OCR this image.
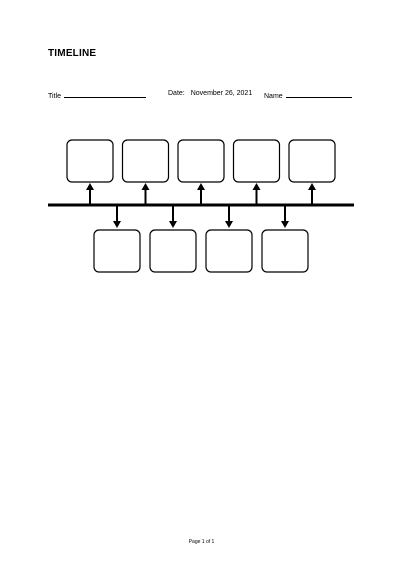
TIMELINE
Title	Date: November 26, 2021 Name
Page 1 of 1
